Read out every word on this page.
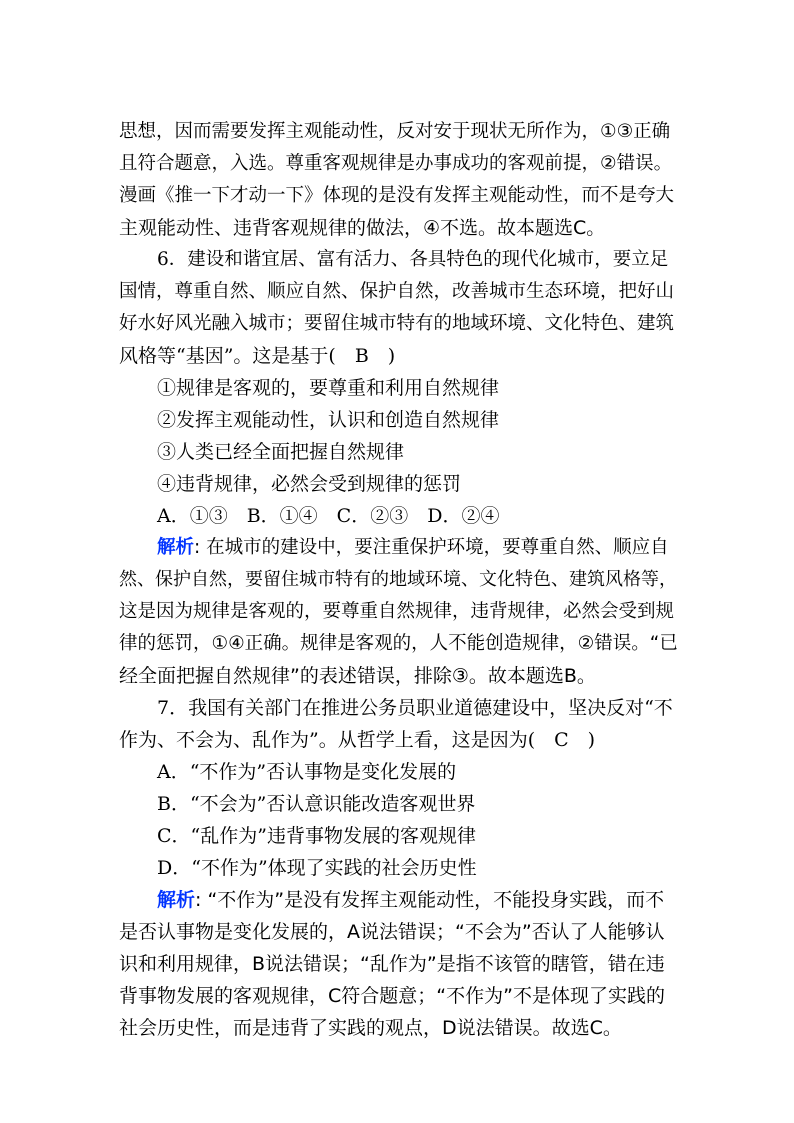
思想，因而需要发挥主观能动性，反对安于现状无所作为，①③正确
且符合题意，入选。尊重客观规律是办事成功的客观前提，②错误。
漫画《推一下才动一下》体现的是没有发挥主观能动性，而不是夸大
主观能动性、违背客观规律的做法，④不选。故本题选C。
6．建设和谐宜居、富有活力、各具特色的现代化城市，要立足
国情，尊重自然、顺应自然、保护自然，改善城市生态环境，把好山
好水好风光融入城市；要留住城市特有的地域环境、文化特色、建筑
风格等“基因”。这是基于(　B　)
①规律是客观的，要尊重和利用自然规律
②发挥主观能动性，认识和创造自然规律
③人类已经全面把握自然规律
④违背规律，必然会受到规律的惩罚
A．①③　B．①④　C．②③　D．②④
解析: 在城市的建设中，要注重保护环境，要尊重自然、顺应自
然、保护自然，要留住城市特有的地域环境、文化特色、建筑风格等，
这是因为规律是客观的，要尊重自然规律，违背规律，必然会受到规
律的惩罚，①④正确。规律是客观的，人不能创造规律，②错误。“已
经全面把握自然规律”的表述错误，排除③。故本题选B。
7．我国有关部门在推进公务员职业道德建设中，坚决反对“不
作为、不会为、乱作为”。从哲学上看，这是因为(　C　)
A．“不作为”否认事物是变化发展的
B．“不会为”否认意识能改造客观世界
C．“乱作为”违背事物发展的客观规律
D．“不作为”体现了实践的社会历史性
解析: “不作为”是没有发挥主观能动性，不能投身实践，而不
是否认事物是变化发展的，A说法错误；“不会为”否认了人能够认
识和利用规律，B说法错误；“乱作为”是指不该管的瞎管，错在违
背事物发展的客观规律，C符合题意；“不作为”不是体现了实践的
社会历史性，而是违背了实践的观点，D说法错误。故选C。
